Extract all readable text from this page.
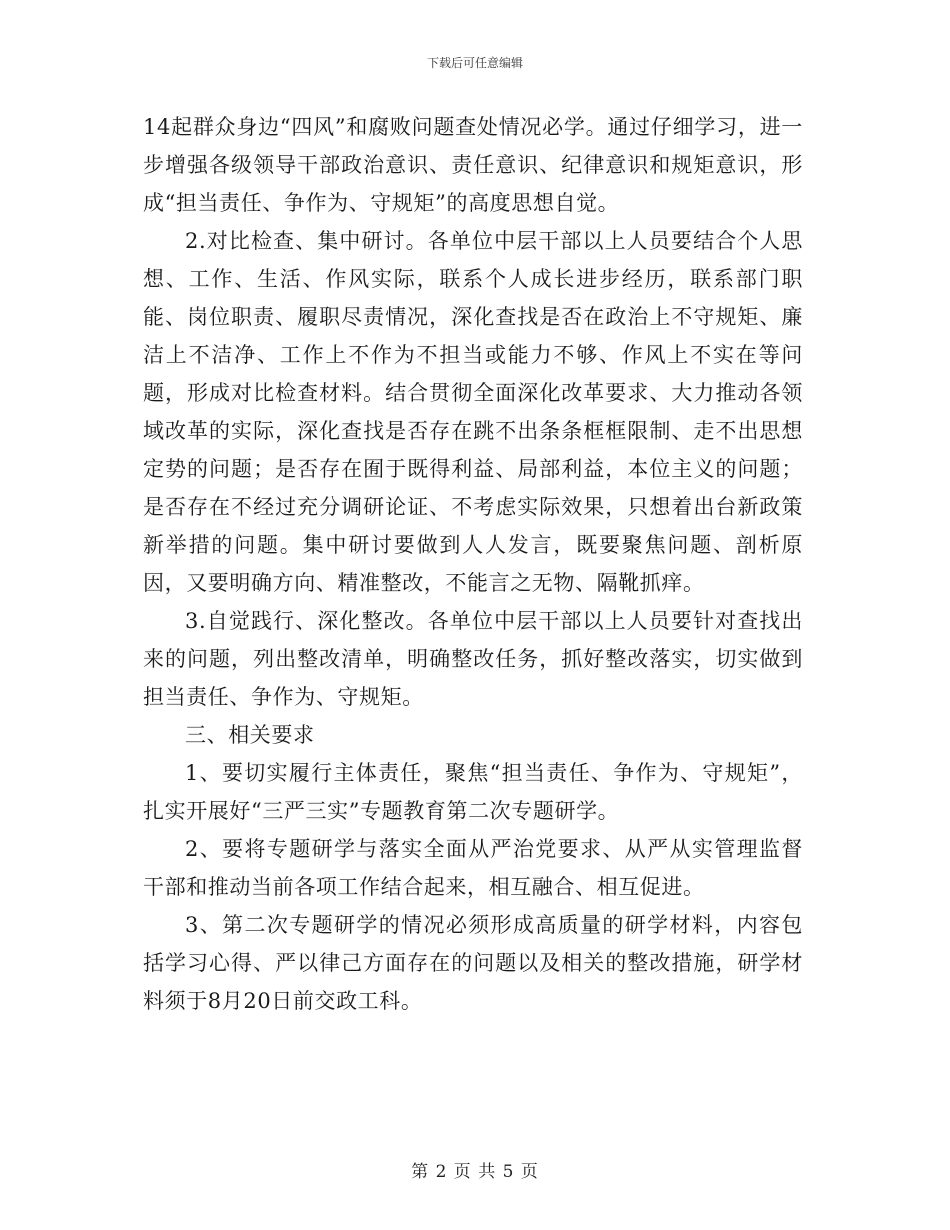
下载后可任意编辑

14起群众身边“四风”和腐败问题查处情况必学。通过仔细学习，进一步增强各级领导干部政治意识、责任意识、纪律意识和规矩意识，形成“担当责任、争作为、守规矩”的高度思想自觉。

2.对比检查、集中研讨。各单位中层干部以上人员要结合个人思想、工作、生活、作风实际，联系个人成长进步经历，联系部门职能、岗位职责、履职尽责情况，深化查找是否在政治上不守规矩、廉洁上不洁净、工作上不作为不担当或能力不够、作风上不实在等问题，形成对比检查材料。结合贯彻全面深化改革要求、大力推动各领域改革的实际，深化查找是否存在跳不出条条框框限制、走不出思想定势的问题；是否存在囿于既得利益、局部利益，本位主义的问题；是否存在不经过充分调研论证、不考虑实际效果，只想着出台新政策新举措的问题。集中研讨要做到人人发言，既要聚焦问题、剖析原因，又要明确方向、精准整改，不能言之无物、隔靴抓痒。

3.自觉践行、深化整改。各单位中层干部以上人员要针对查找出来的问题，列出整改清单，明确整改任务，抓好整改落实，切实做到担当责任、争作为、守规矩。

三、相关要求

1、要切实履行主体责任，聚焦“担当责任、争作为、守规矩”，扎实开展好“三严三实”专题教育第二次专题研学。

2、要将专题研学与落实全面从严治党要求、从严从实管理监督干部和推动当前各项工作结合起来，相互融合、相互促进。

3、第二次专题研学的情况必须形成高质量的研学材料，内容包括学习心得、严以律己方面存在的问题以及相关的整改措施，研学材料须于8月20日前交政工科。

第 2 页 共 5 页
